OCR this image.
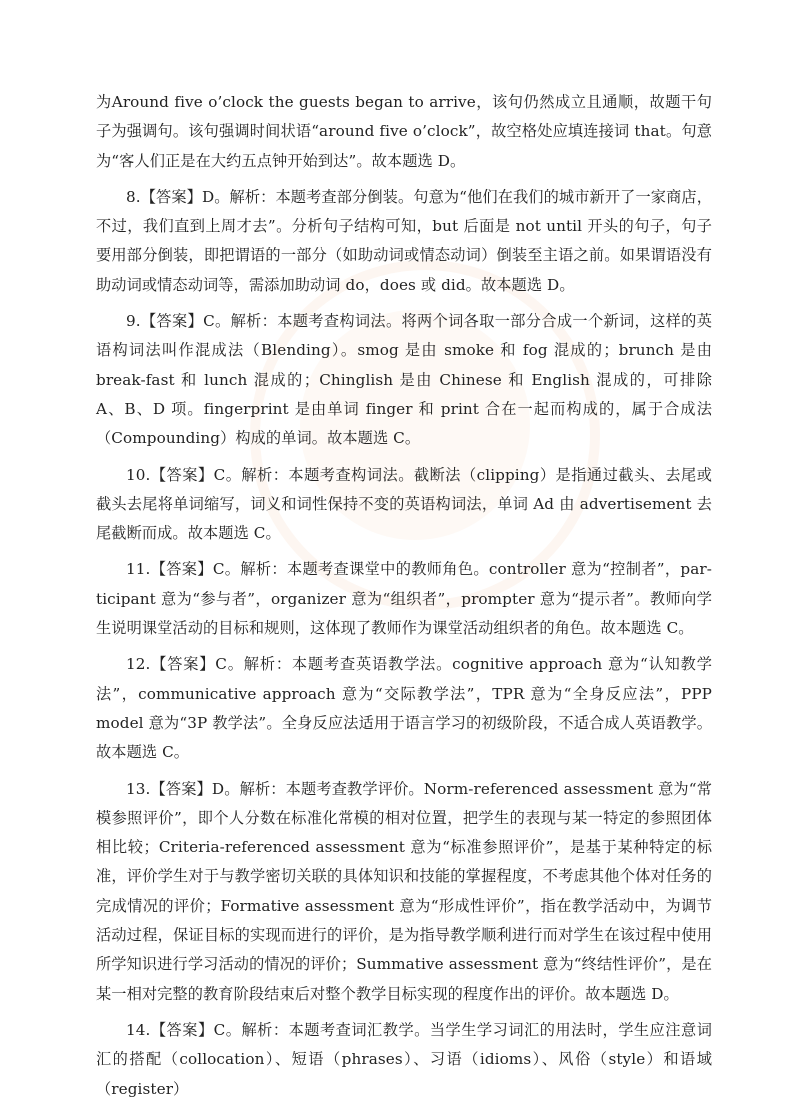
为Around five o’clock the guests began to arrive，该句仍然成立且通顺，故题干句子为强调句。该句强调时间状语“around five o’clock”，故空格处应填连接词 that。句意为“客人们正是在大约五点钟开始到达”。故本题选 D。

8.【答案】D。解析：本题考查部分倒装。句意为“他们在我们的城市新开了一家商店，不过，我们直到上周才去”。分析句子结构可知，but 后面是 not until 开头的句子，句子要用部分倒装，即把谓语的一部分（如助动词或情态动词）倒装至主语之前。如果谓语没有助动词或情态动词等，需添加助动词 do，does 或 did。故本题选 D。

9.【答案】C。解析：本题考查构词法。将两个词各取一部分合成一个新词，这样的英语构词法叫作混成法（Blending）。smog 是由 smoke 和 fog 混成的；brunch 是由 break-fast 和 lunch 混成的；Chinglish 是由 Chinese 和 English 混成的，可排除 A、B、D 项。fingerprint 是由单词 finger 和 print 合在一起而构成的，属于合成法（Compounding）构成的单词。故本题选 C。

10.【答案】C。解析：本题考查构词法。截断法（clipping）是指通过截头、去尾或截头去尾将单词缩写，词义和词性保持不变的英语构词法，单词 Ad 由 advertisement 去尾截断而成。故本题选 C。

11.【答案】C。解析：本题考查课堂中的教师角色。controller 意为“控制者”，par-ticipant 意为“参与者”，organizer 意为“组织者”，prompter 意为“提示者”。教师向学生说明课堂活动的目标和规则，这体现了教师作为课堂活动组织者的角色。故本题选 C。

12.【答案】C。解析：本题考查英语教学法。cognitive approach 意为“认知教学法”，communicative approach 意为“交际教学法”，TPR 意为“全身反应法”，PPP model 意为“3P 教学法”。全身反应法适用于语言学习的初级阶段，不适合成人英语教学。故本题选 C。

13.【答案】D。解析：本题考查教学评价。Norm-referenced assessment 意为“常模参照评价”，即个人分数在标准化常模的相对位置，把学生的表现与某一特定的参照团体相比较；Criteria-referenced assessment 意为“标准参照评价”，是基于某种特定的标准，评价学生对于与教学密切关联的具体知识和技能的掌握程度，不考虑其他个体对任务的完成情况的评价；Formative assessment 意为“形成性评价”，指在教学活动中，为调节活动过程，保证目标的实现而进行的评价，是为指导教学顺利进行而对学生在该过程中使用所学知识进行学习活动的情况的评价；Summative assessment 意为“终结性评价”，是在某一相对完整的教育阶段结束后对整个教学目标实现的程度作出的评价。故本题选 D。

14.【答案】C。解析：本题考查词汇教学。当学生学习词汇的用法时，学生应注意词汇的搭配（collocation）、短语（phrases）、习语（idioms）、风俗（style）和语域（register）
